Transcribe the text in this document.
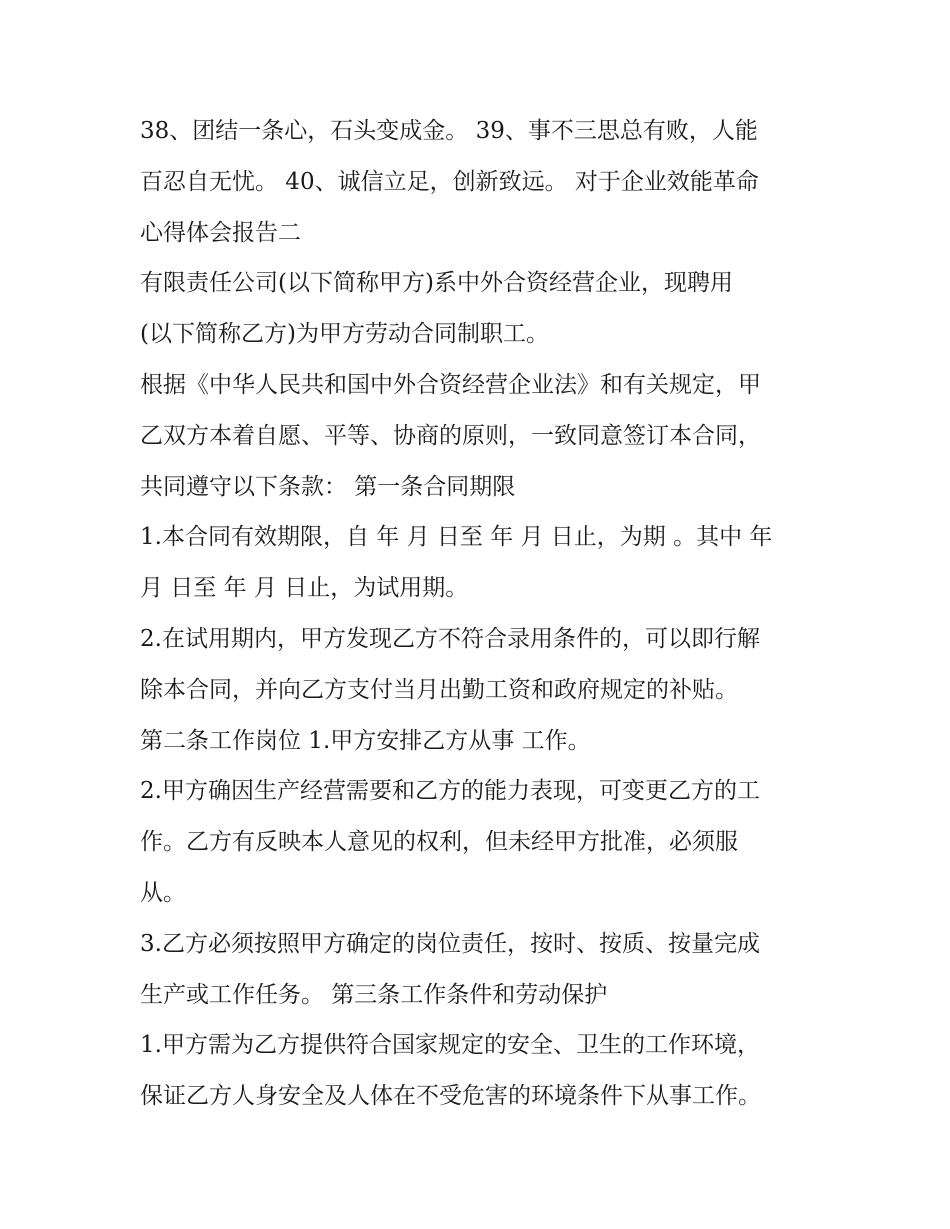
38、团结一条心，石头变成金。 39、事不三思总有败，人能
百忍自无忧。 40、诚信立足，创新致远。 对于企业效能革命
心得体会报告二
有限责任公司(以下简称甲方)系中外合资经营企业，现聘用
(以下简称乙方)为甲方劳动合同制职工。
根据《中华人民共和国中外合资经营企业法》和有关规定，甲
乙双方本着自愿、平等、协商的原则，一致同意签订本合同，
共同遵守以下条款： 第一条合同期限
1.本合同有效期限，自 年 月 日至 年 月 日止，为期 。其中 年
月 日至 年 月 日止，为试用期。
2.在试用期内，甲方发现乙方不符合录用条件的，可以即行解
除本合同，并向乙方支付当月出勤工资和政府规定的补贴。
第二条工作岗位 1.甲方安排乙方从事 工作。
2.甲方确因生产经营需要和乙方的能力表现，可变更乙方的工
作。乙方有反映本人意见的权利，但未经甲方批准，必须服
从。
3.乙方必须按照甲方确定的岗位责任，按时、按质、按量完成
生产或工作任务。 第三条工作条件和劳动保护
1.甲方需为乙方提供符合国家规定的安全、卫生的工作环境，
保证乙方人身安全及人体在不受危害的环境条件下从事工作。
